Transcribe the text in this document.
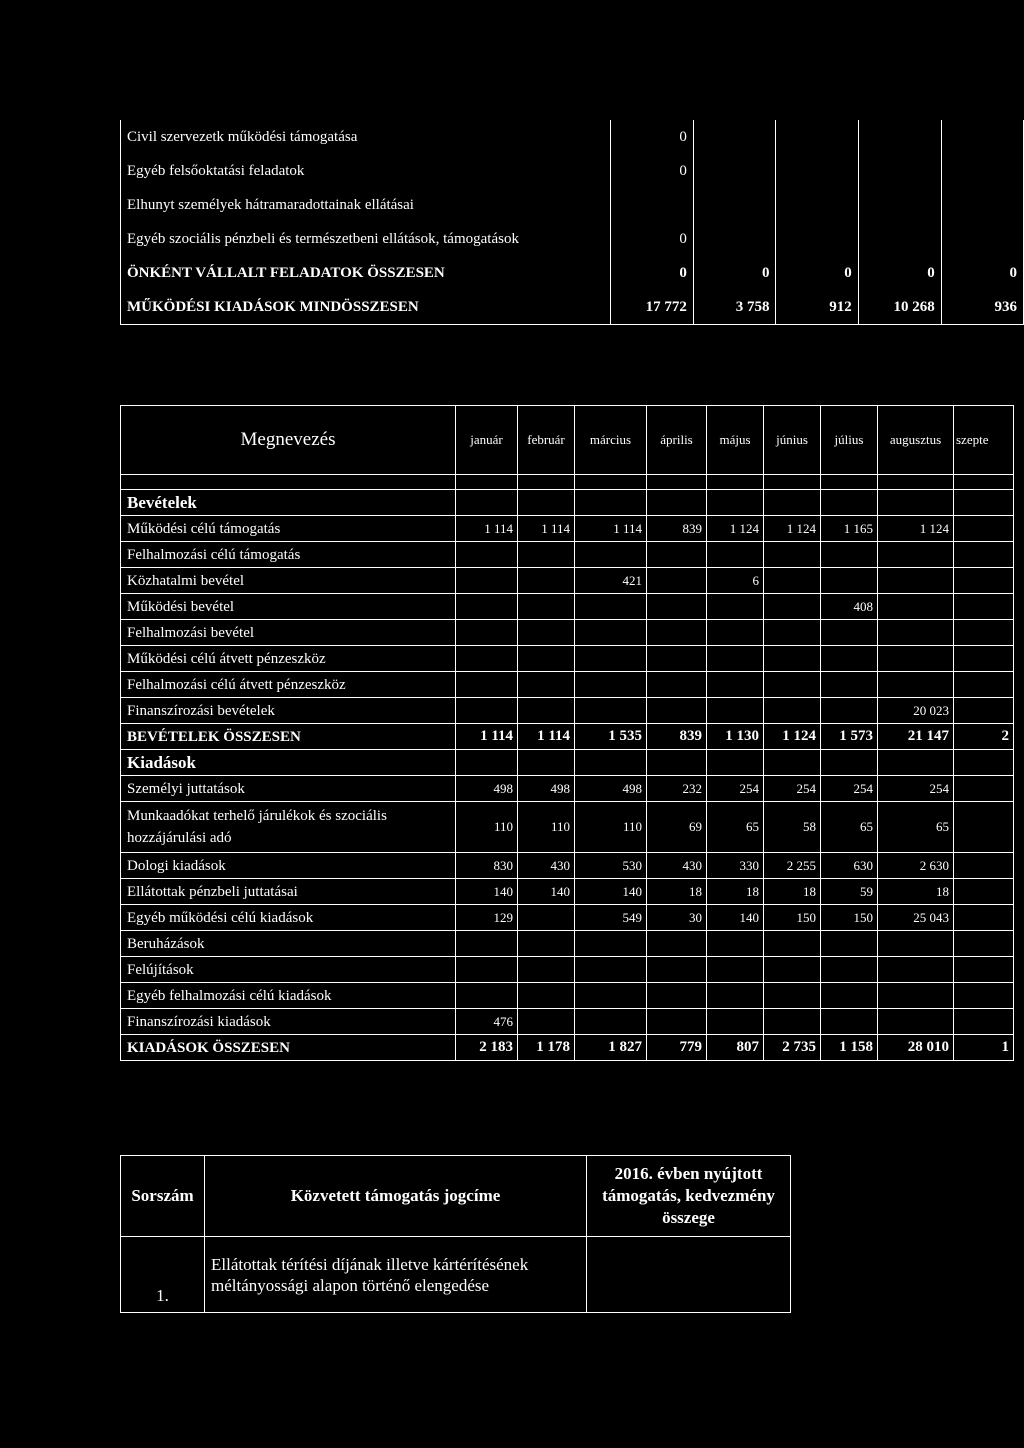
Civil szervezetk működési támogatása	0				
Egyéb felsőoktatási feladatok	0				
Elhunyt személyek hátramaradottainak ellátásai					
Egyéb szociális pénzbeli és természetbeni ellátások, támogatások	0				
ÖNKÉNT VÁLLALT FELADATOK ÖSSZESEN	0	0	0	0	0
MŰKÖDÉSI KIADÁSOK MINDÖSSZESEN	17 772	3 758	912	10 268	936
Megnevezés	január	február	március	április	május	június	július	augusztus	szepte

Bevételek									
Működési célú támogatás	1 114	1 114	1 114	839	1 124	1 124	1 165	1 124	
Felhalmozási célú támogatás									
Közhatalmi bevétel			421		6				
Működési bevétel							408		
Felhalmozási bevétel									
Működési célú átvett pénzeszköz									
Felhalmozási célú átvett pénzeszköz									
Finanszírozási bevételek								20 023	
BEVÉTELEK ÖSSZESEN	1 114	1 114	1 535	839	1 130	1 124	1 573	21 147	2
Kiadások									
Személyi juttatások	498	498	498	232	254	254	254	254	
Munkaadókat terhelő járulékok és szociális hozzájárulási adó	110	110	110	69	65	58	65	65	
Dologi kiadások	830	430	530	430	330	2 255	630	2 630	
Ellátottak pénzbeli juttatásai	140	140	140	18	18	18	59	18	
Egyéb működési célú kiadások	129		549	30	140	150	150	25 043	
Beruházások									
Felújítások									
Egyéb felhalmozási célú kiadások									
Finanszírozási kiadások	476								
KIADÁSOK ÖSSZESEN	2 183	1 178	1 827	779	807	2 735	1 158	28 010	1
Sorszám	Közvetett támogatás jogcíme	2016. évben nyújtott támogatás, kedvezmény összege
1.	Ellátottak térítési díjának illetve kártérítésének méltányossági alapon történő elengedése	
